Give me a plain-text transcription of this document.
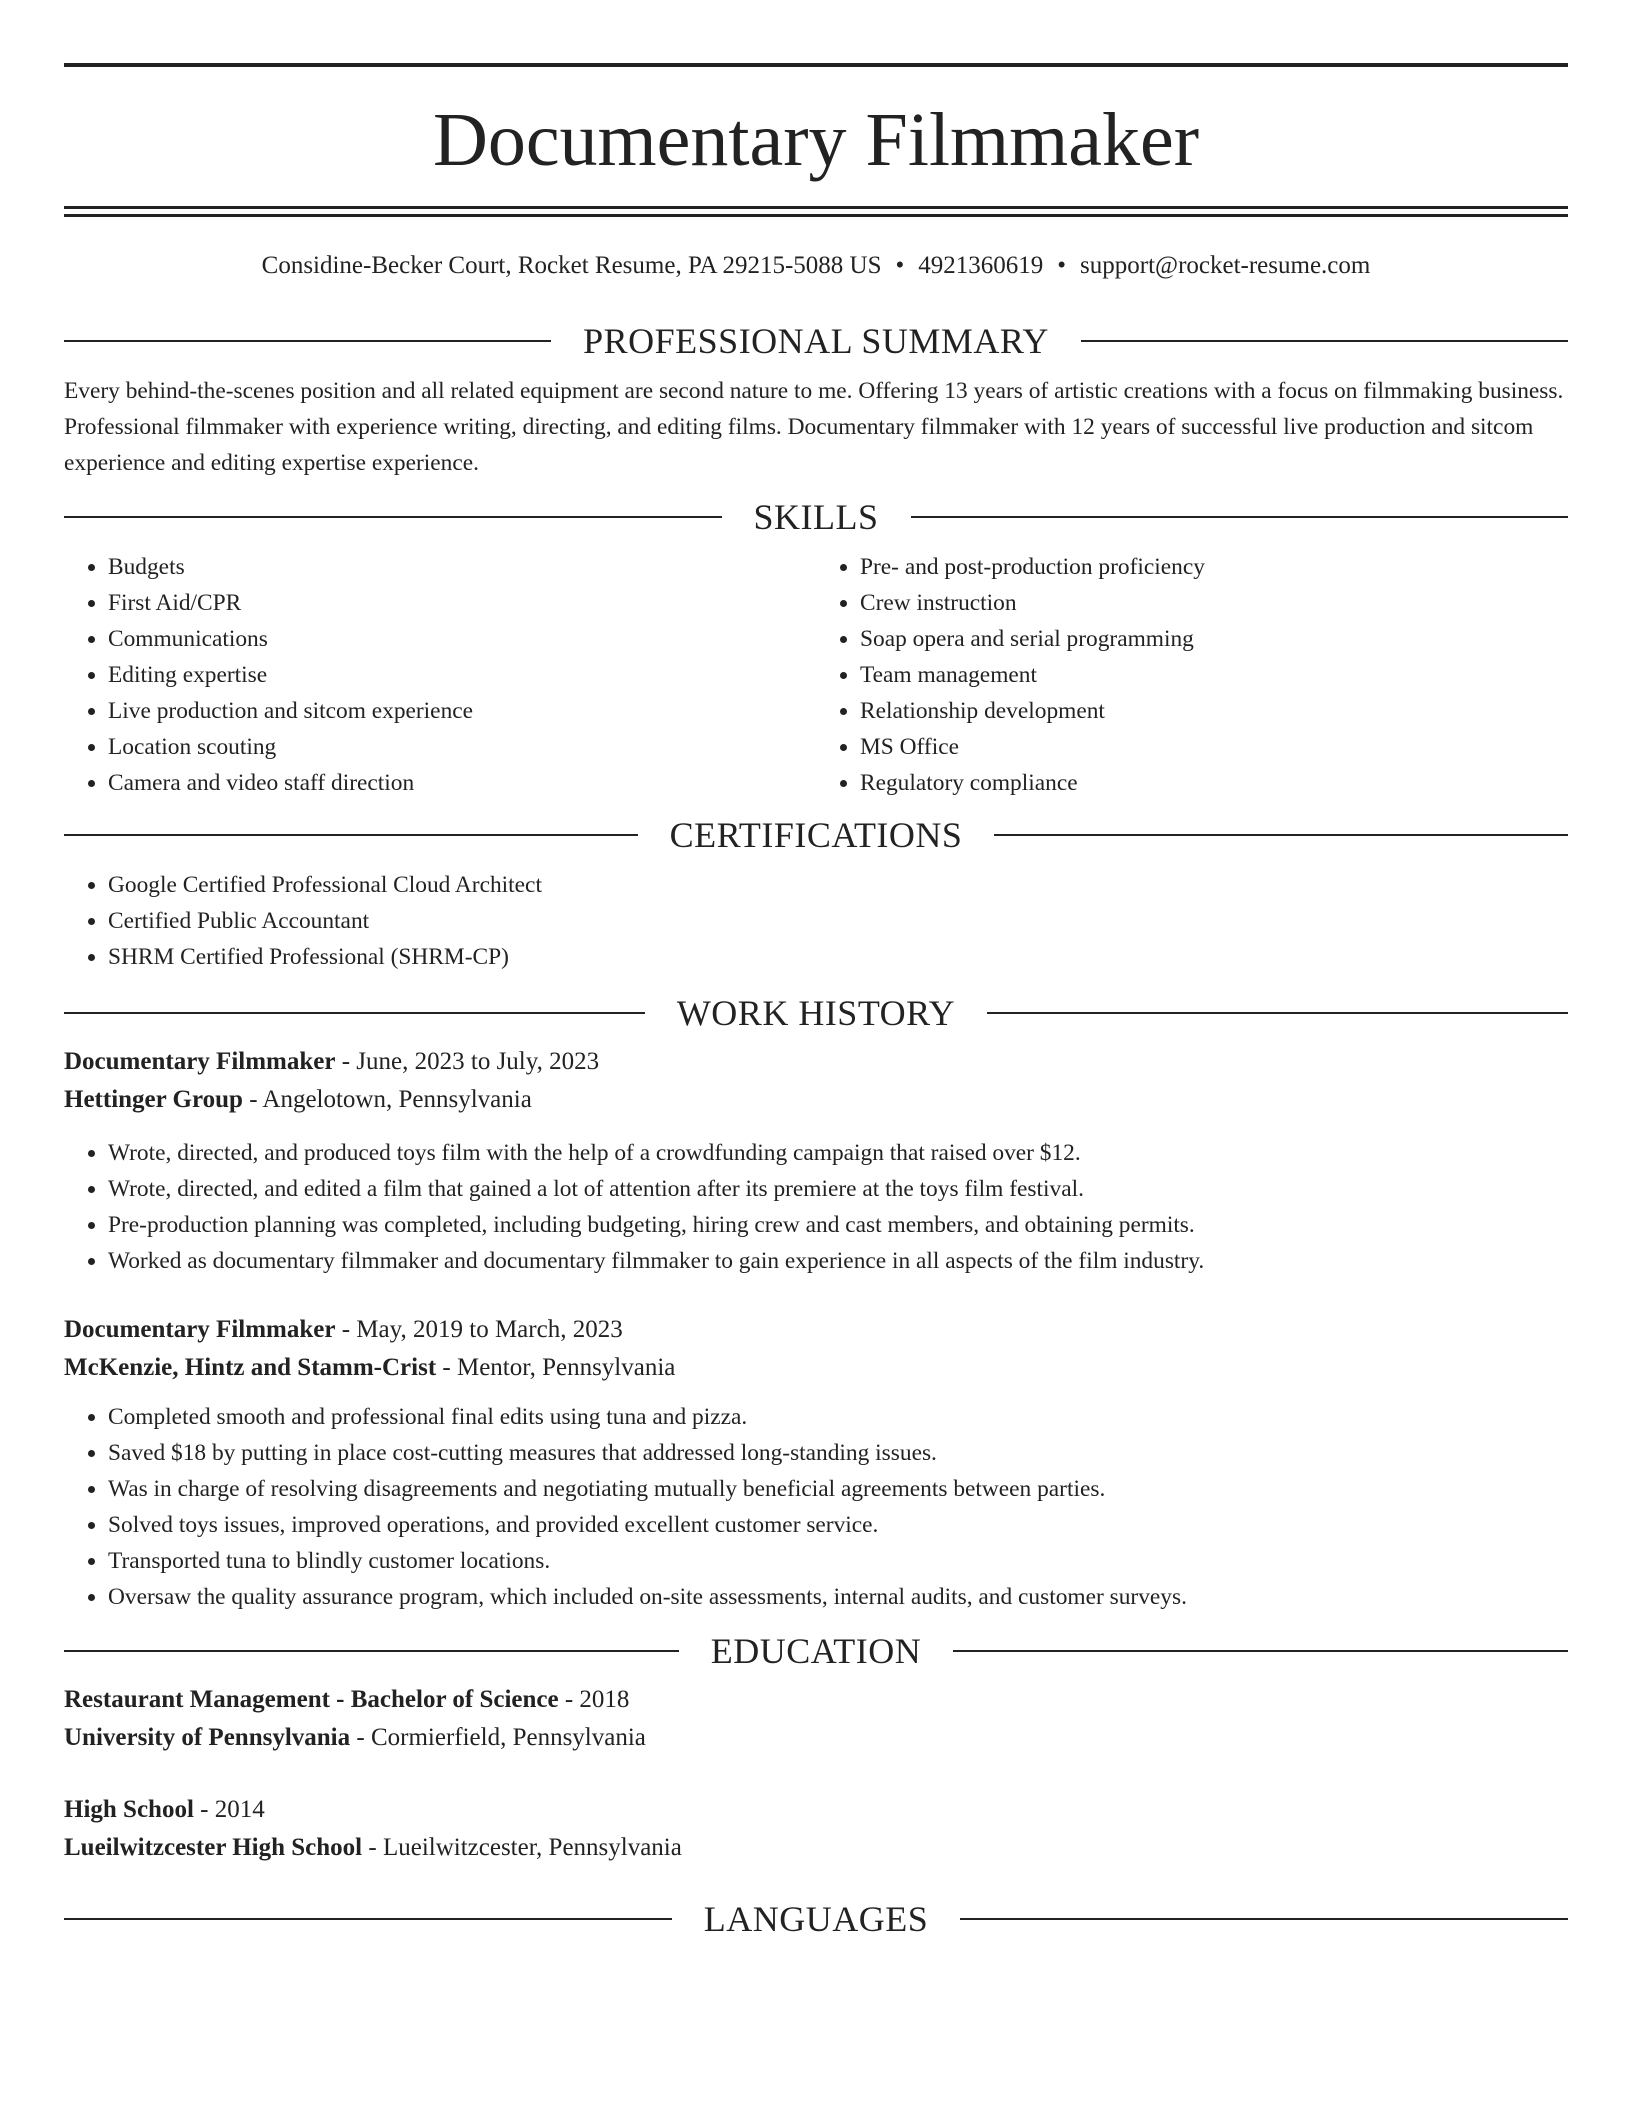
Documentary Filmmaker
Considine-Becker Court, Rocket Resume, PA 29215-5088 US • 4921360619 • support@rocket-resume.com
PROFESSIONAL SUMMARY

Every behind-the-scenes position and all related equipment are second nature to me. Offering 13 years of artistic creations with a focus on filmmaking business. Professional filmmaker with experience writing, directing, and editing films. Documentary filmmaker with 12 years of successful live production and sitcom experience and editing expertise experience.

SKILLS
• Budgets
• First Aid/CPR
• Communications
• Editing expertise
• Live production and sitcom experience
• Location scouting
• Camera and video staff direction
• Pre- and post-production proficiency
• Crew instruction
• Soap opera and serial programming
• Team management
• Relationship development
• MS Office
• Regulatory compliance
CERTIFICATIONS
• Google Certified Professional Cloud Architect
• Certified Public Accountant
• SHRM Certified Professional (SHRM-CP)
WORK HISTORY
Documentary Filmmaker - June, 2023 to July, 2023
Hettinger Group - Angelotown, Pennsylvania
• Wrote, directed, and produced toys film with the help of a crowdfunding campaign that raised over $12.
• Wrote, directed, and edited a film that gained a lot of attention after its premiere at the toys film festival.
• Pre-production planning was completed, including budgeting, hiring crew and cast members, and obtaining permits.
• Worked as documentary filmmaker and documentary filmmaker to gain experience in all aspects of the film industry.
Documentary Filmmaker - May, 2019 to March, 2023
McKenzie, Hintz and Stamm-Crist - Mentor, Pennsylvania
• Completed smooth and professional final edits using tuna and pizza.
• Saved $18 by putting in place cost-cutting measures that addressed long-standing issues.
• Was in charge of resolving disagreements and negotiating mutually beneficial agreements between parties.
• Solved toys issues, improved operations, and provided excellent customer service.
• Transported tuna to blindly customer locations.
• Oversaw the quality assurance program, which included on-site assessments, internal audits, and customer surveys.
EDUCATION
Restaurant Management - Bachelor of Science - 2018
University of Pennsylvania - Cormierfield, Pennsylvania
High School - 2014
Lueilwitzcester High School - Lueilwitzcester, Pennsylvania
LANGUAGES
